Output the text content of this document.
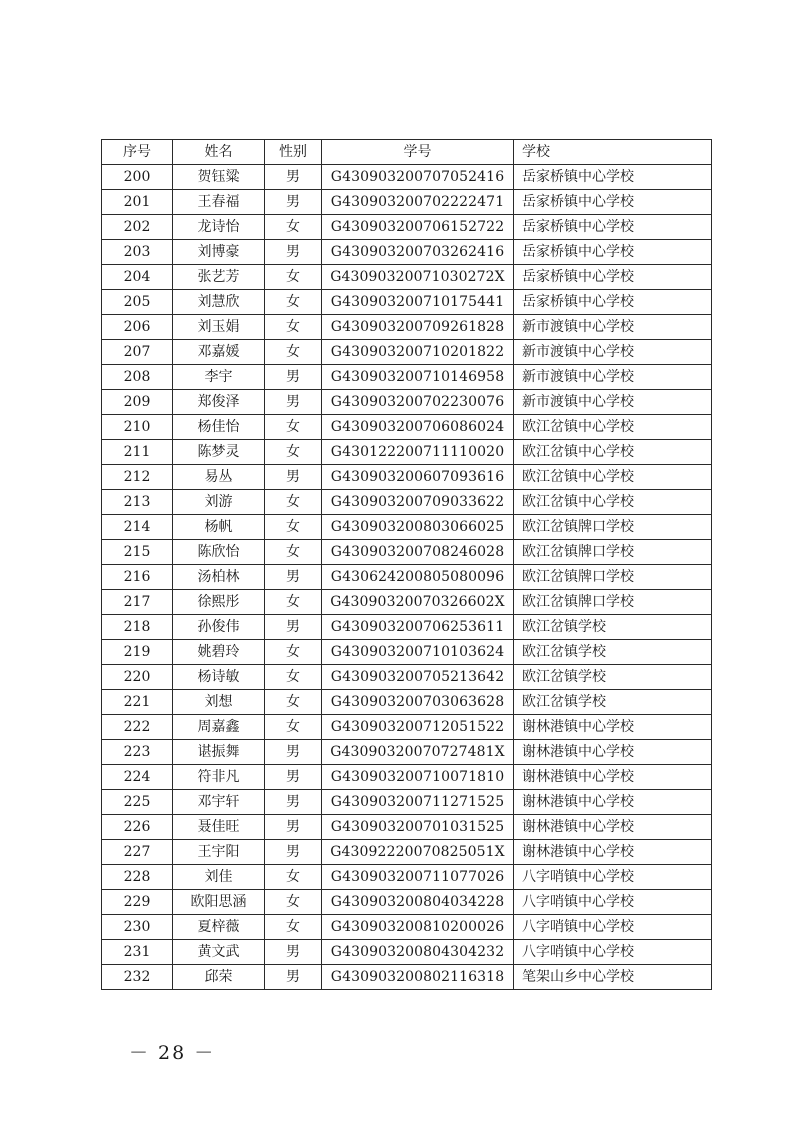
序号	姓名	性别	学号	学校
200	贺钰粱	男	G430903200707052416	岳家桥镇中心学校
201	王春福	男	G430903200702222471	岳家桥镇中心学校
202	龙诗怡	女	G430903200706152722	岳家桥镇中心学校
203	刘博豪	男	G430903200703262416	岳家桥镇中心学校
204	张艺芳	女	G43090320071030272X	岳家桥镇中心学校
205	刘慧欣	女	G430903200710175441	岳家桥镇中心学校
206	刘玉娟	女	G430903200709261828	新市渡镇中心学校
207	邓嘉媛	女	G430903200710201822	新市渡镇中心学校
208	李宇	男	G430903200710146958	新市渡镇中心学校
209	郑俊泽	男	G430903200702230076	新市渡镇中心学校
210	杨佳怡	女	G430903200706086024	欧江岔镇中心学校
211	陈梦灵	女	G430122200711110020	欧江岔镇中心学校
212	易丛	男	G430903200607093616	欧江岔镇中心学校
213	刘游	女	G430903200709033622	欧江岔镇中心学校
214	杨帆	女	G430903200803066025	欧江岔镇牌口学校
215	陈欣怡	女	G430903200708246028	欧江岔镇牌口学校
216	汤柏林	男	G430624200805080096	欧江岔镇牌口学校
217	徐熙彤	女	G43090320070326602X	欧江岔镇牌口学校
218	孙俊伟	男	G430903200706253611	欧江岔镇学校
219	姚碧玲	女	G430903200710103624	欧江岔镇学校
220	杨诗敏	女	G430903200705213642	欧江岔镇学校
221	刘想	女	G430903200703063628	欧江岔镇学校
222	周嘉鑫	女	G430903200712051522	谢林港镇中心学校
223	谌振舞	男	G43090320070727481X	谢林港镇中心学校
224	符非凡	男	G430903200710071810	谢林港镇中心学校
225	邓宇轩	男	G430903200711271525	谢林港镇中心学校
226	聂佳旺	男	G430903200701031525	谢林港镇中心学校
227	王宇阳	男	G43092220070825051X	谢林港镇中心学校
228	刘佳	女	G430903200711077026	八字哨镇中心学校
229	欧阳思涵	女	G430903200804034228	八字哨镇中心学校
230	夏梓薇	女	G430903200810200026	八字哨镇中心学校
231	黄文武	男	G430903200804304232	八字哨镇中心学校
232	邱荣	男	G430903200802116318	笔架山乡中心学校
－ 28 －
